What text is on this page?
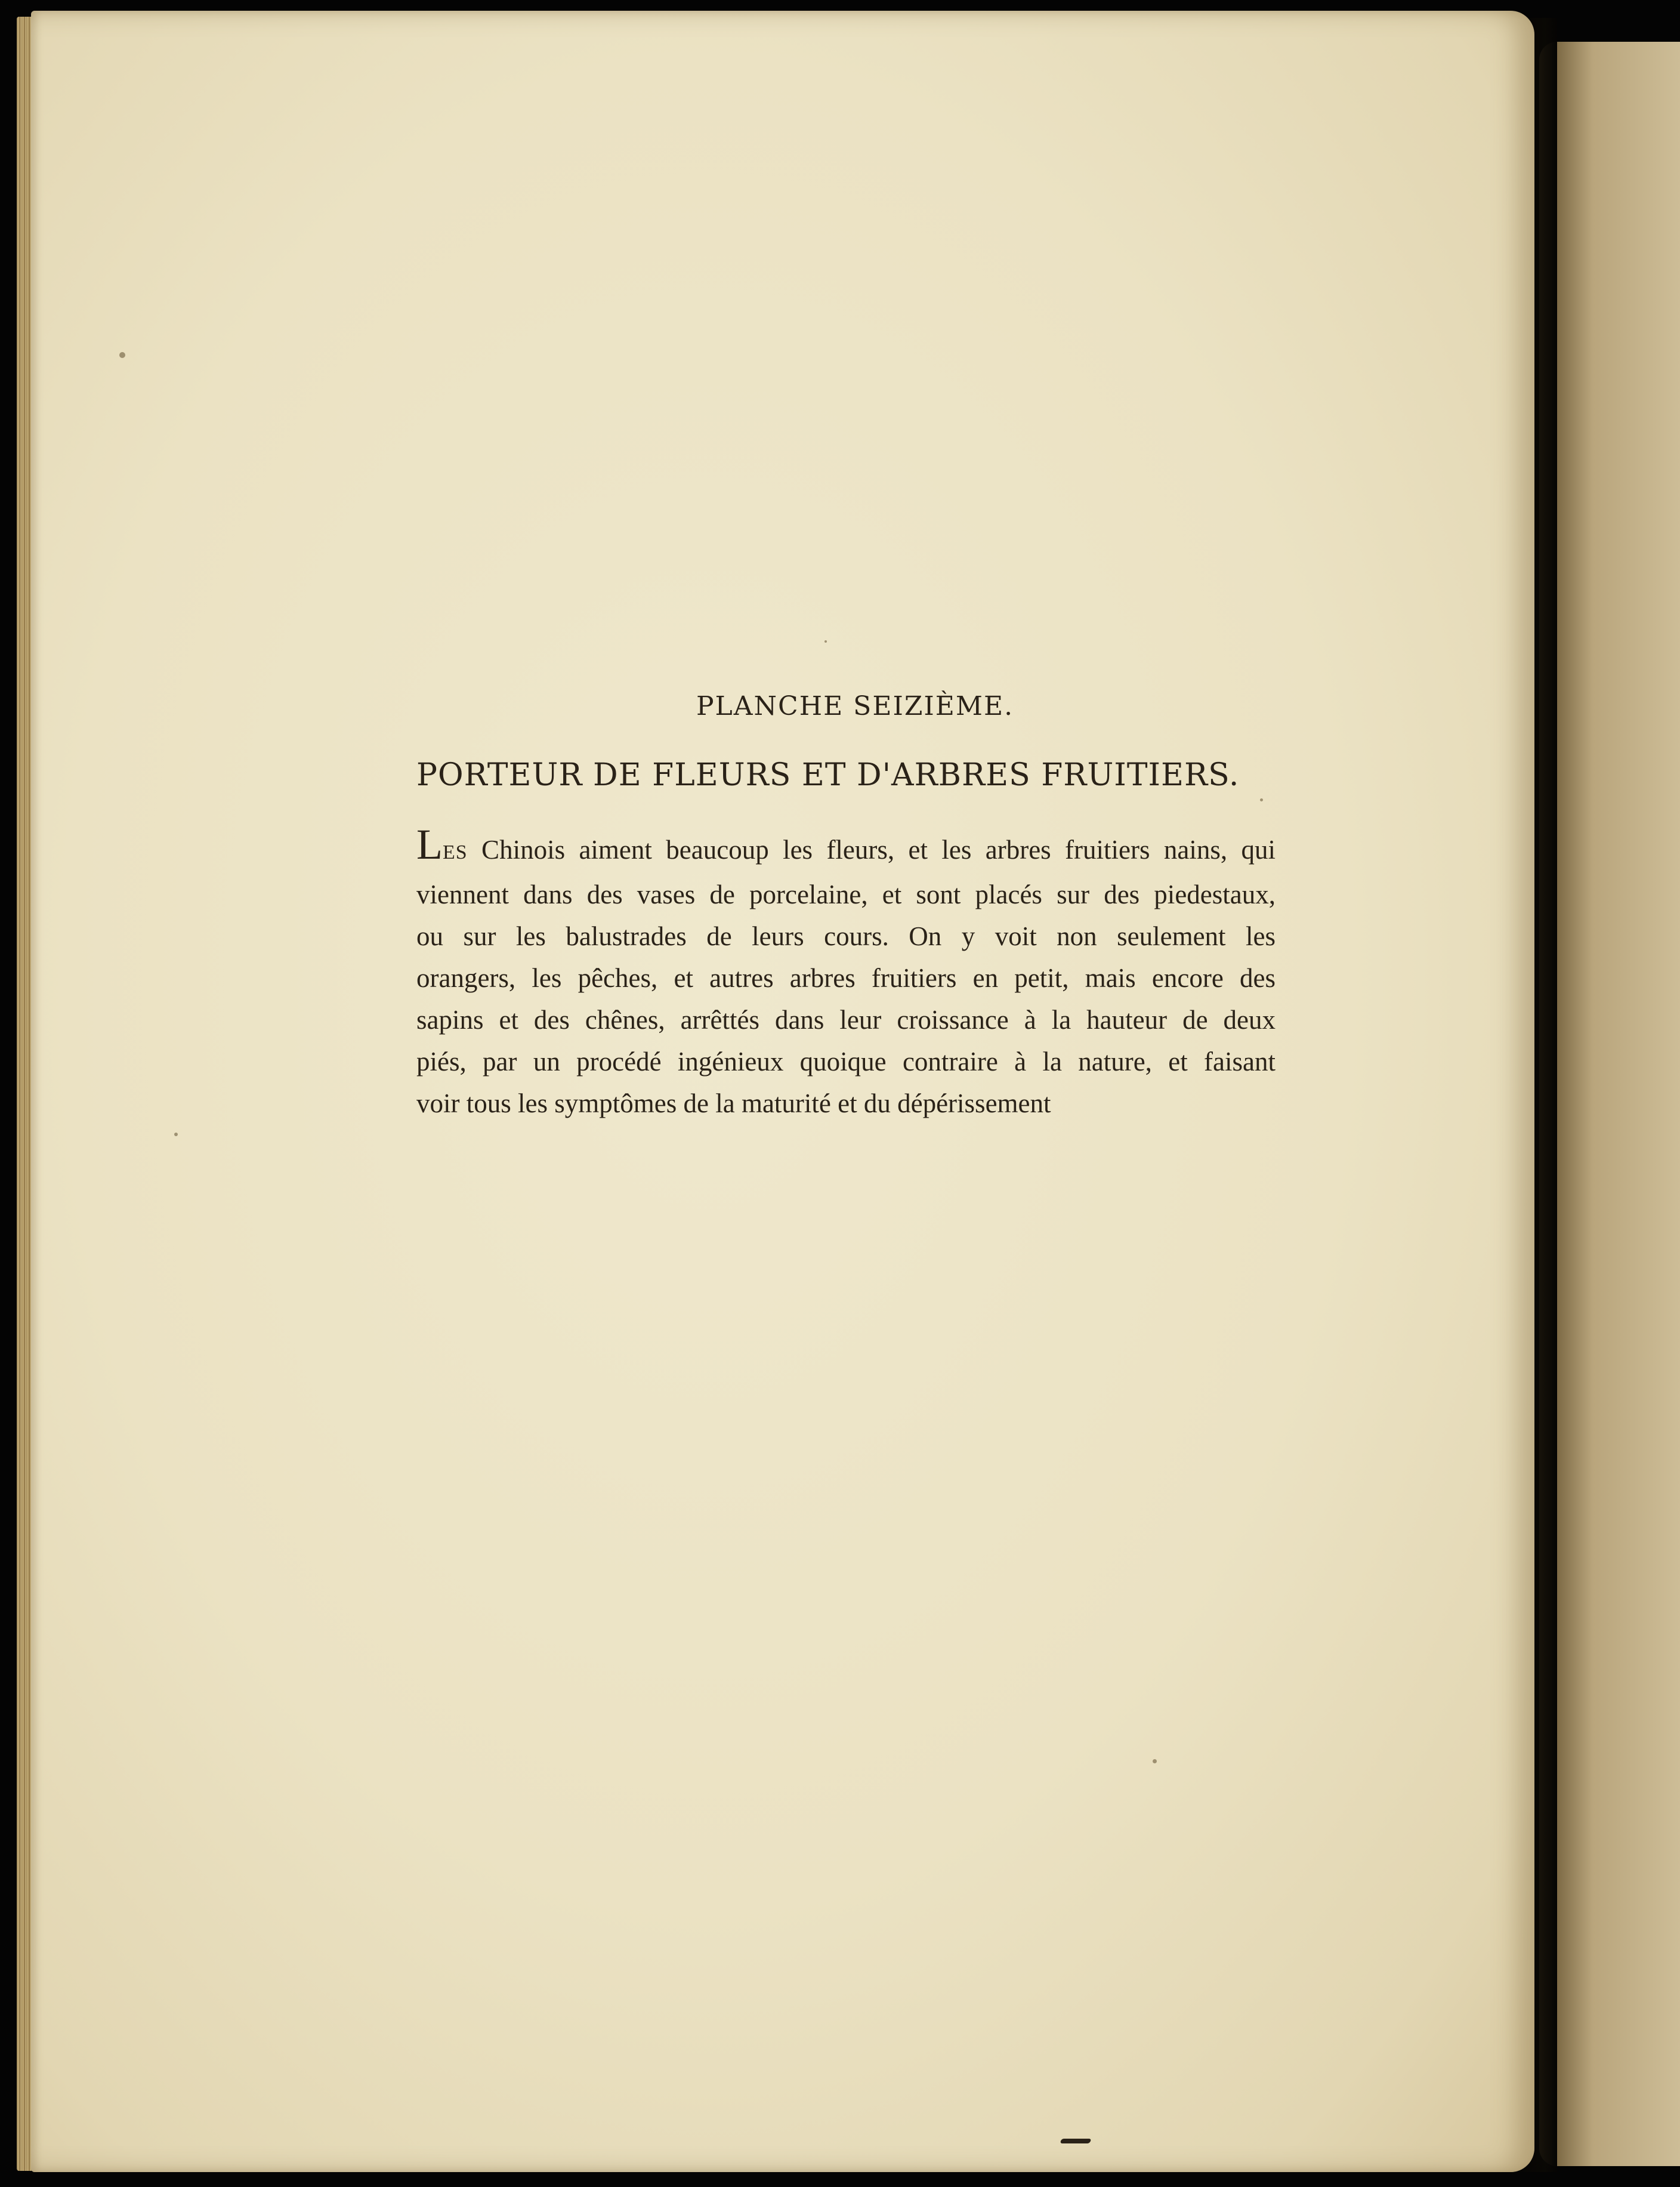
PLANCHE SEIZIÈME.
PORTEUR DE FLEURS ET D'ARBRES FRUITIERS.
LES Chinois aiment beaucoup les fleurs, et les arbres fruitiers nains, qui
viennent dans des vases de porcelaine, et sont placés sur des piedestaux,
ou sur les balustrades de leurs cours. On y voit non seulement les
orangers, les pêches, et autres arbres fruitiers en petit, mais encore des
sapins et des chênes, arrêttés dans leur croissance à la hauteur de deux
piés, par un procédé ingénieux quoique contraire à la nature, et faisant
voir tous les symptômes de la maturité et du dépérissement
